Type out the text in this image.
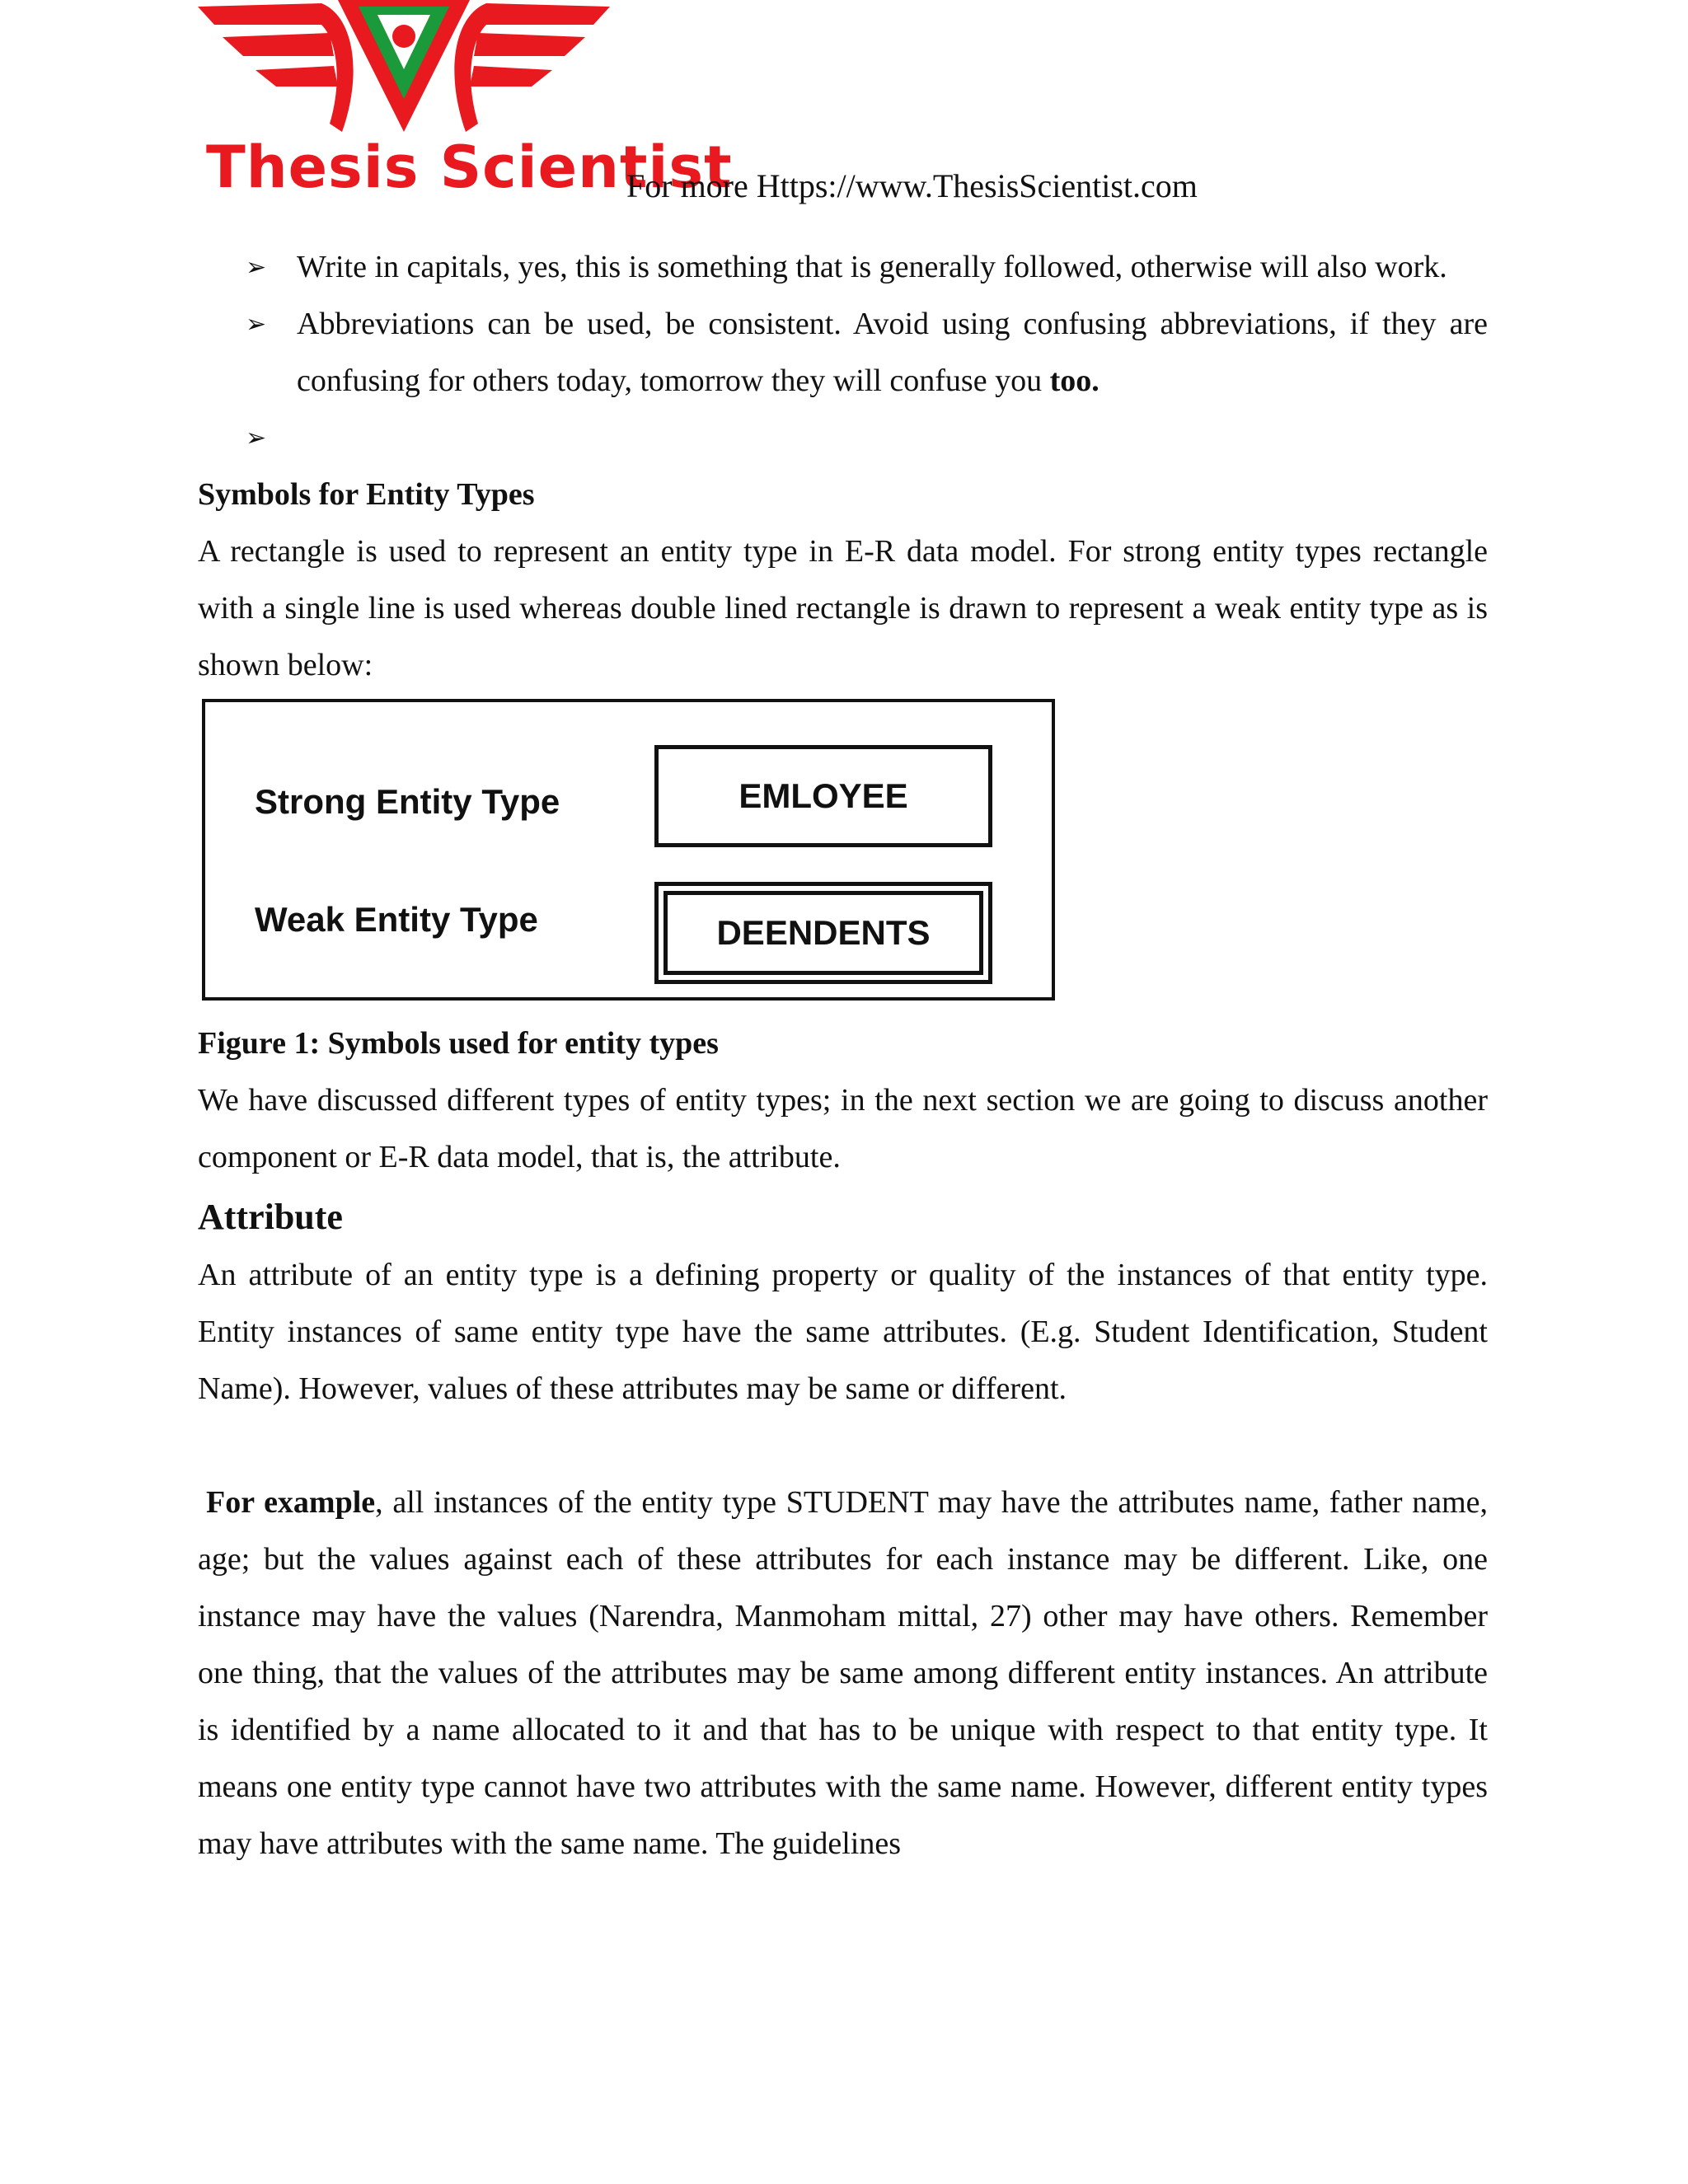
Thesis Scientist
For more Https://www.ThesisScientist.com
➢ Write in capitals, yes, this is something that is generally followed, otherwise will also work.
➢ Abbreviations can be used, be consistent. Avoid using confusing abbreviations, if they are confusing for others today, tomorrow they will confuse you too.
➢
Symbols for Entity Types

A rectangle is used to represent an entity type in E-R data model. For strong entity types rectangle with a single line is used whereas double lined rectangle is drawn to represent a weak entity type as is shown below:

Strong Entity Type
Weak Entity Type
EMLOYEE
DEENDENTS
Figure 1: Symbols used for entity types

We have discussed different types of entity types; in the next section we are going to discuss another component or E-R data model, that is, the attribute.

Attribute

An attribute of an entity type is a defining property or quality of the instances of that entity type. Entity instances of same entity type have the same attributes. (E.g. Student Identification, Student Name). However, values of these attributes may be same or different.

For example, all instances of the entity type STUDENT may have the attributes name, father name, age; but the values against each of these attributes for each instance may be different. Like, one instance may have the values (Narendra, Manmoham mittal, 27) other may have others. Remember one thing, that the values of the attributes may be same among different entity instances. An attribute is identified by a name allocated to it and that has to be unique with respect to that entity type. It means one entity type cannot have two attributes with the same name. However, different entity types may have attributes with the same name. The guidelines
